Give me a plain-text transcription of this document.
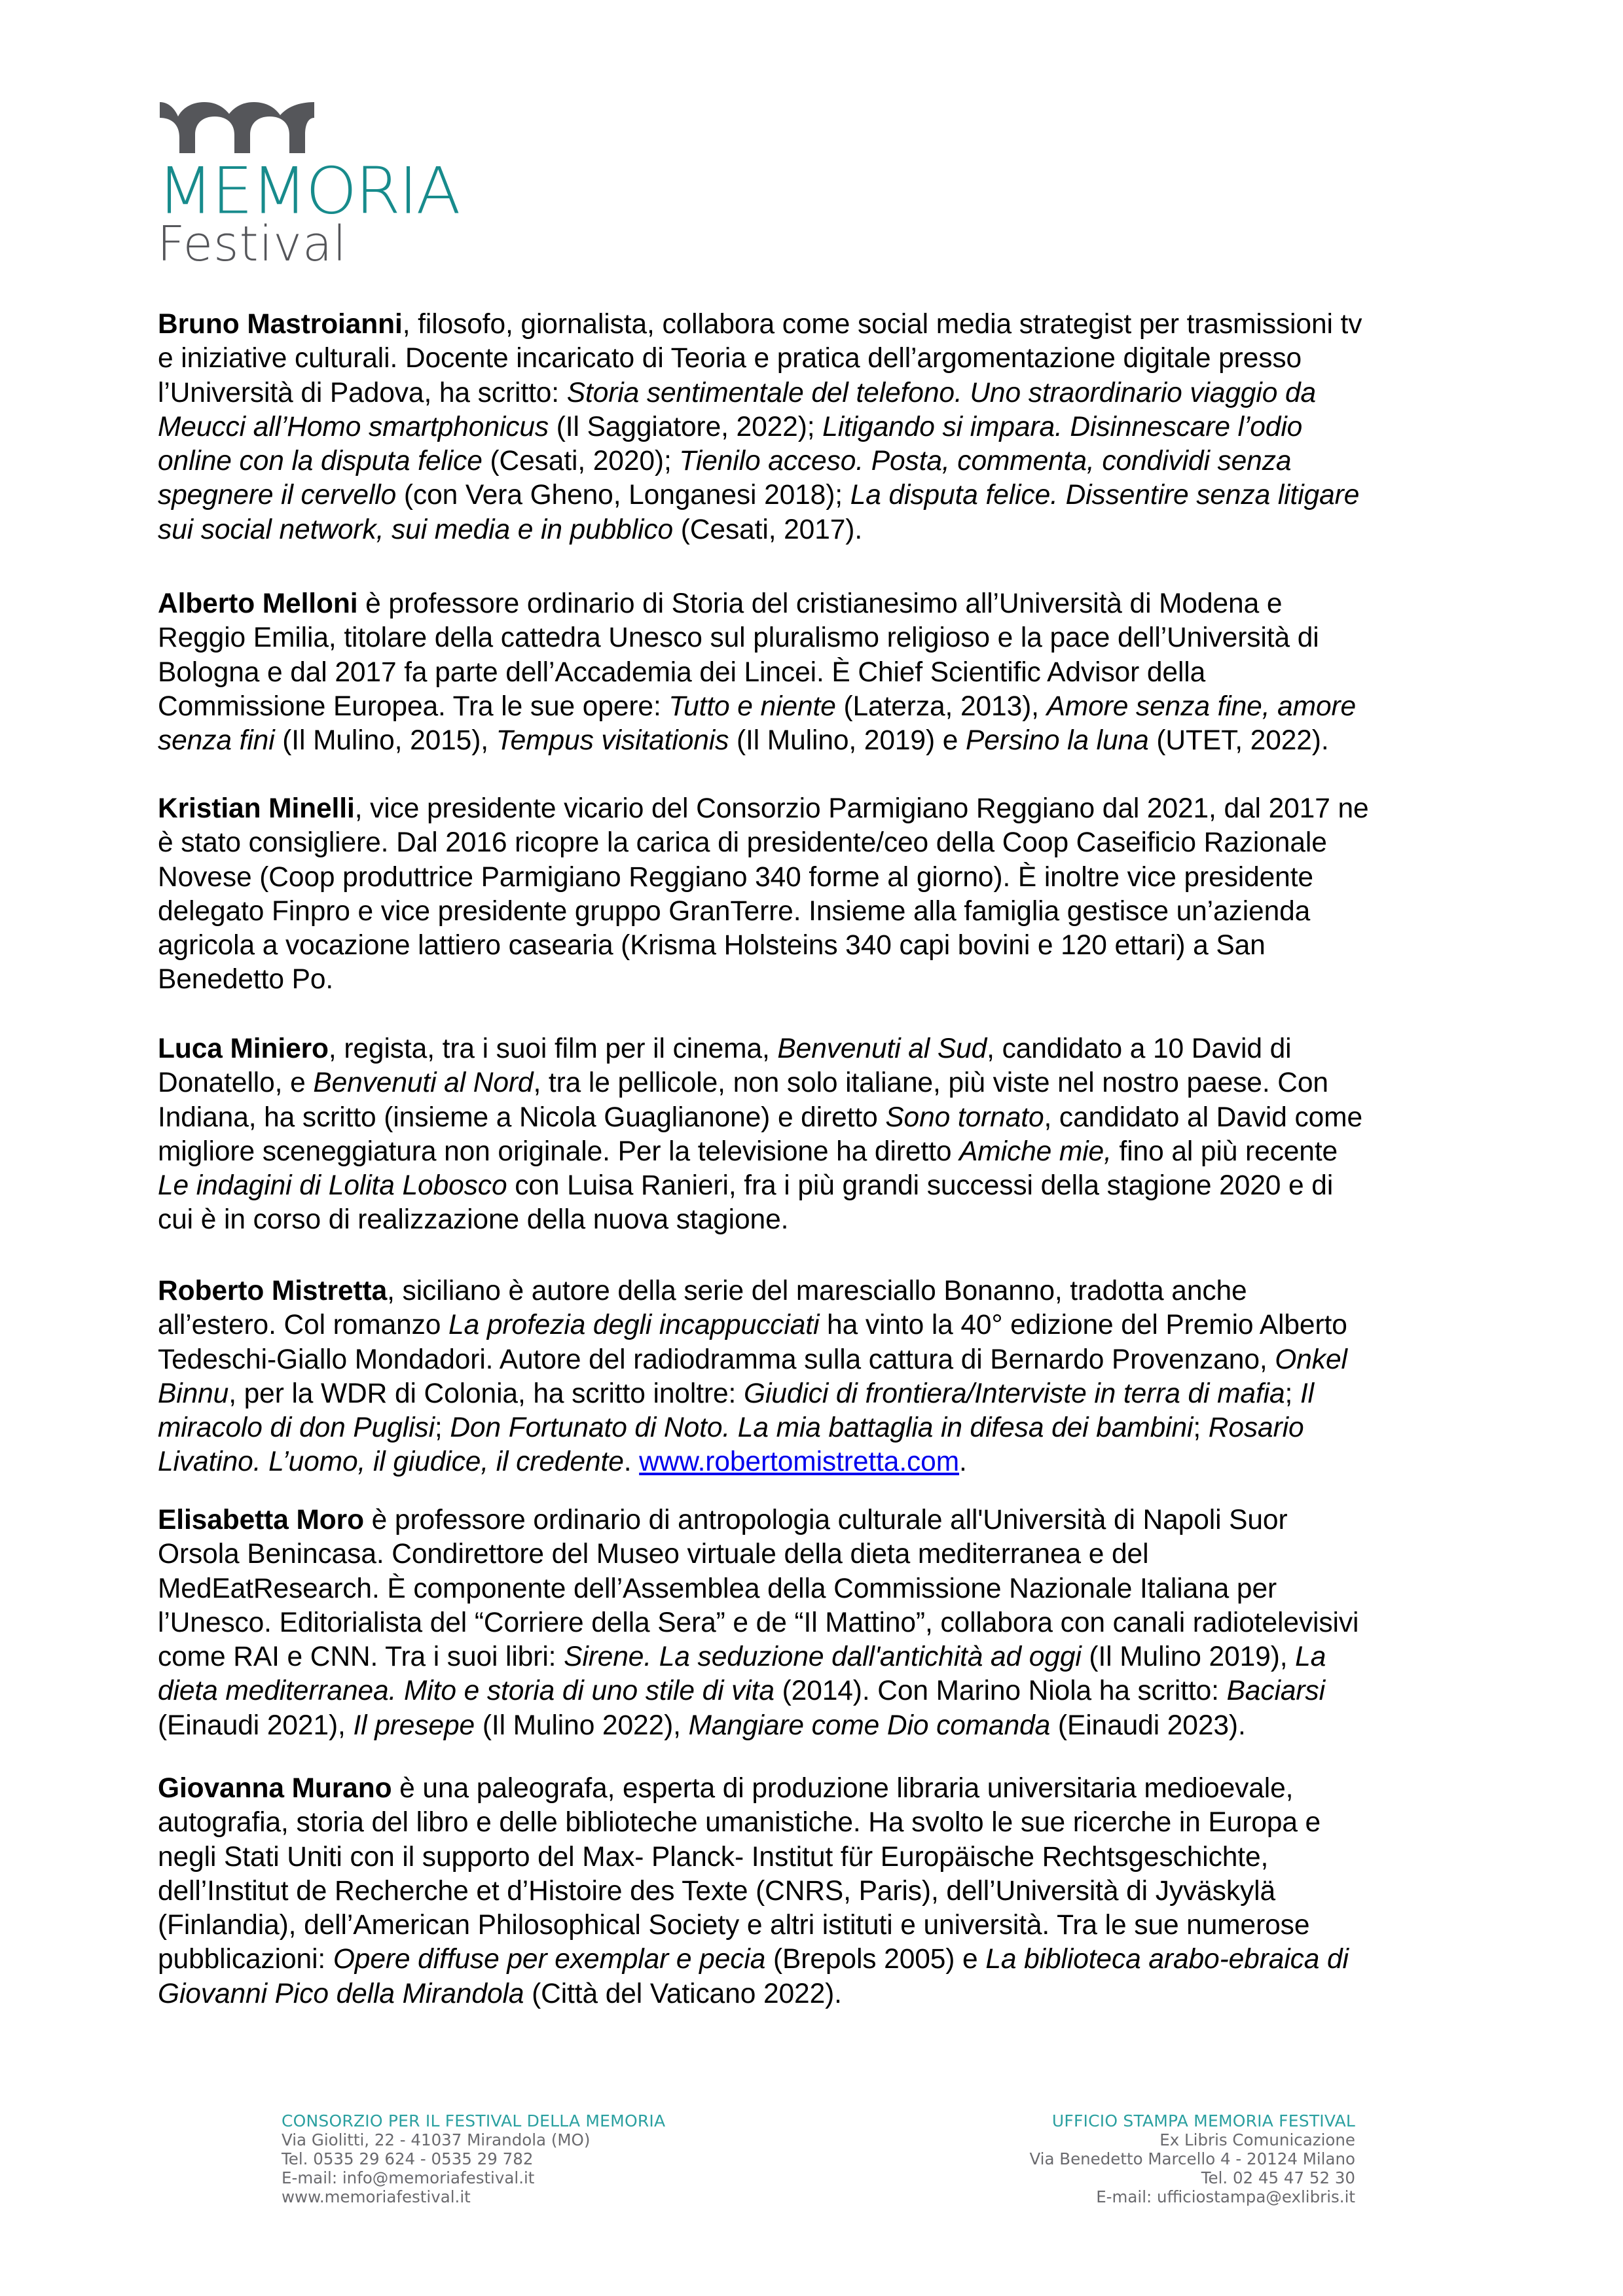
MEMORIA
Festival
Bruno Mastroianni, filosofo, giornalista, collabora come social media strategist per trasmissioni tv
e iniziative culturali. Docente incaricato di Teoria e pratica dell’argomentazione digitale presso
l’Università di Padova, ha scritto: Storia sentimentale del telefono. Uno straordinario viaggio da
Meucci all’Homo smartphonicus (Il Saggiatore, 2022); Litigando si impara. Disinnescare l’odio
online con la disputa felice (Cesati, 2020); Tienilo acceso. Posta, commenta, condividi senza
spegnere il cervello (con Vera Gheno, Longanesi 2018); La disputa felice. Dissentire senza litigare
sui social network, sui media e in pubblico (Cesati, 2017).
Alberto Melloni è professore ordinario di Storia del cristianesimo all’Università di Modena e
Reggio Emilia, titolare della cattedra Unesco sul pluralismo religioso e la pace dell’Università di
Bologna e dal 2017 fa parte dell’Accademia dei Lincei. È Chief Scientific Advisor della
Commissione Europea. Tra le sue opere: Tutto e niente (Laterza, 2013), Amore senza fine, amore
senza fini (Il Mulino, 2015), Tempus visitationis (Il Mulino, 2019) e Persino la luna (UTET, 2022).
Kristian Minelli, vice presidente vicario del Consorzio Parmigiano Reggiano dal 2021, dal 2017 ne
è stato consigliere. Dal 2016 ricopre la carica di presidente/ceo della Coop Caseificio Razionale
Novese (Coop produttrice Parmigiano Reggiano 340 forme al giorno). È inoltre vice presidente
delegato Finpro e vice presidente gruppo GranTerre. Insieme alla famiglia gestisce un’azienda
agricola a vocazione lattiero casearia (Krisma Holsteins 340 capi bovini e 120 ettari) a San
Benedetto Po.
Luca Miniero, regista, tra i suoi film per il cinema, Benvenuti al Sud, candidato a 10 David di
Donatello, e Benvenuti al Nord, tra le pellicole, non solo italiane, più viste nel nostro paese. Con
Indiana, ha scritto (insieme a Nicola Guaglianone) e diretto Sono tornato, candidato al David come
migliore sceneggiatura non originale. Per la televisione ha diretto Amiche mie, fino al più recente
Le indagini di Lolita Lobosco con Luisa Ranieri, fra i più grandi successi della stagione 2020 e di
cui è in corso di realizzazione della nuova stagione.
Roberto Mistretta, siciliano è autore della serie del maresciallo Bonanno, tradotta anche
all’estero. Col romanzo La profezia degli incappucciati ha vinto la 40° edizione del Premio Alberto
Tedeschi-Giallo Mondadori. Autore del radiodramma sulla cattura di Bernardo Provenzano, Onkel
Binnu, per la WDR di Colonia, ha scritto inoltre: Giudici di frontiera/Interviste in terra di mafia; Il
miracolo di don Puglisi; Don Fortunato di Noto. La mia battaglia in difesa dei bambini; Rosario
Livatino. L’uomo, il giudice, il credente. www.robertomistretta.com.
Elisabetta Moro è professore ordinario di antropologia culturale all'Università di Napoli Suor
Orsola Benincasa. Condirettore del Museo virtuale della dieta mediterranea e del
MedEatResearch. È componente dell’Assemblea della Commissione Nazionale Italiana per
l’Unesco. Editorialista del “Corriere della Sera” e de “Il Mattino”, collabora con canali radiotelevisivi
come RAI e CNN. Tra i suoi libri: Sirene. La seduzione dall'antichità ad oggi (Il Mulino 2019), La
dieta mediterranea. Mito e storia di uno stile di vita (2014). Con Marino Niola ha scritto: Baciarsi
(Einaudi 2021), Il presepe (Il Mulino 2022), Mangiare come Dio comanda (Einaudi 2023).
Giovanna Murano è una paleografa, esperta di produzione libraria universitaria medioevale,
autografia, storia del libro e delle biblioteche umanistiche. Ha svolto le sue ricerche in Europa e
negli Stati Uniti con il supporto del Max- Planck- Institut für Europäische Rechtsgeschichte,
dell’Institut de Recherche et d’Histoire des Texte (CNRS, Paris), dell’Università di Jyväskylä
(Finlandia), dell’American Philosophical Society e altri istituti e università. Tra le sue numerose
pubblicazioni: Opere diffuse per exemplar e pecia (Brepols 2005) e La biblioteca arabo-ebraica di
Giovanni Pico della Mirandola (Città del Vaticano 2022).
CONSORZIO PER IL FESTIVAL DELLA MEMORIA
Via Giolitti, 22 - 41037 Mirandola (MO)
Tel. 0535 29 624 - 0535 29 782
E-mail: info@memoriafestival.it
www.memoriafestival.it
UFFICIO STAMPA MEMORIA FESTIVAL
Ex Libris Comunicazione
Via Benedetto Marcello 4 - 20124 Milano
Tel. 02 45 47 52 30
E-mail: ufficiostampa@exlibris.it
